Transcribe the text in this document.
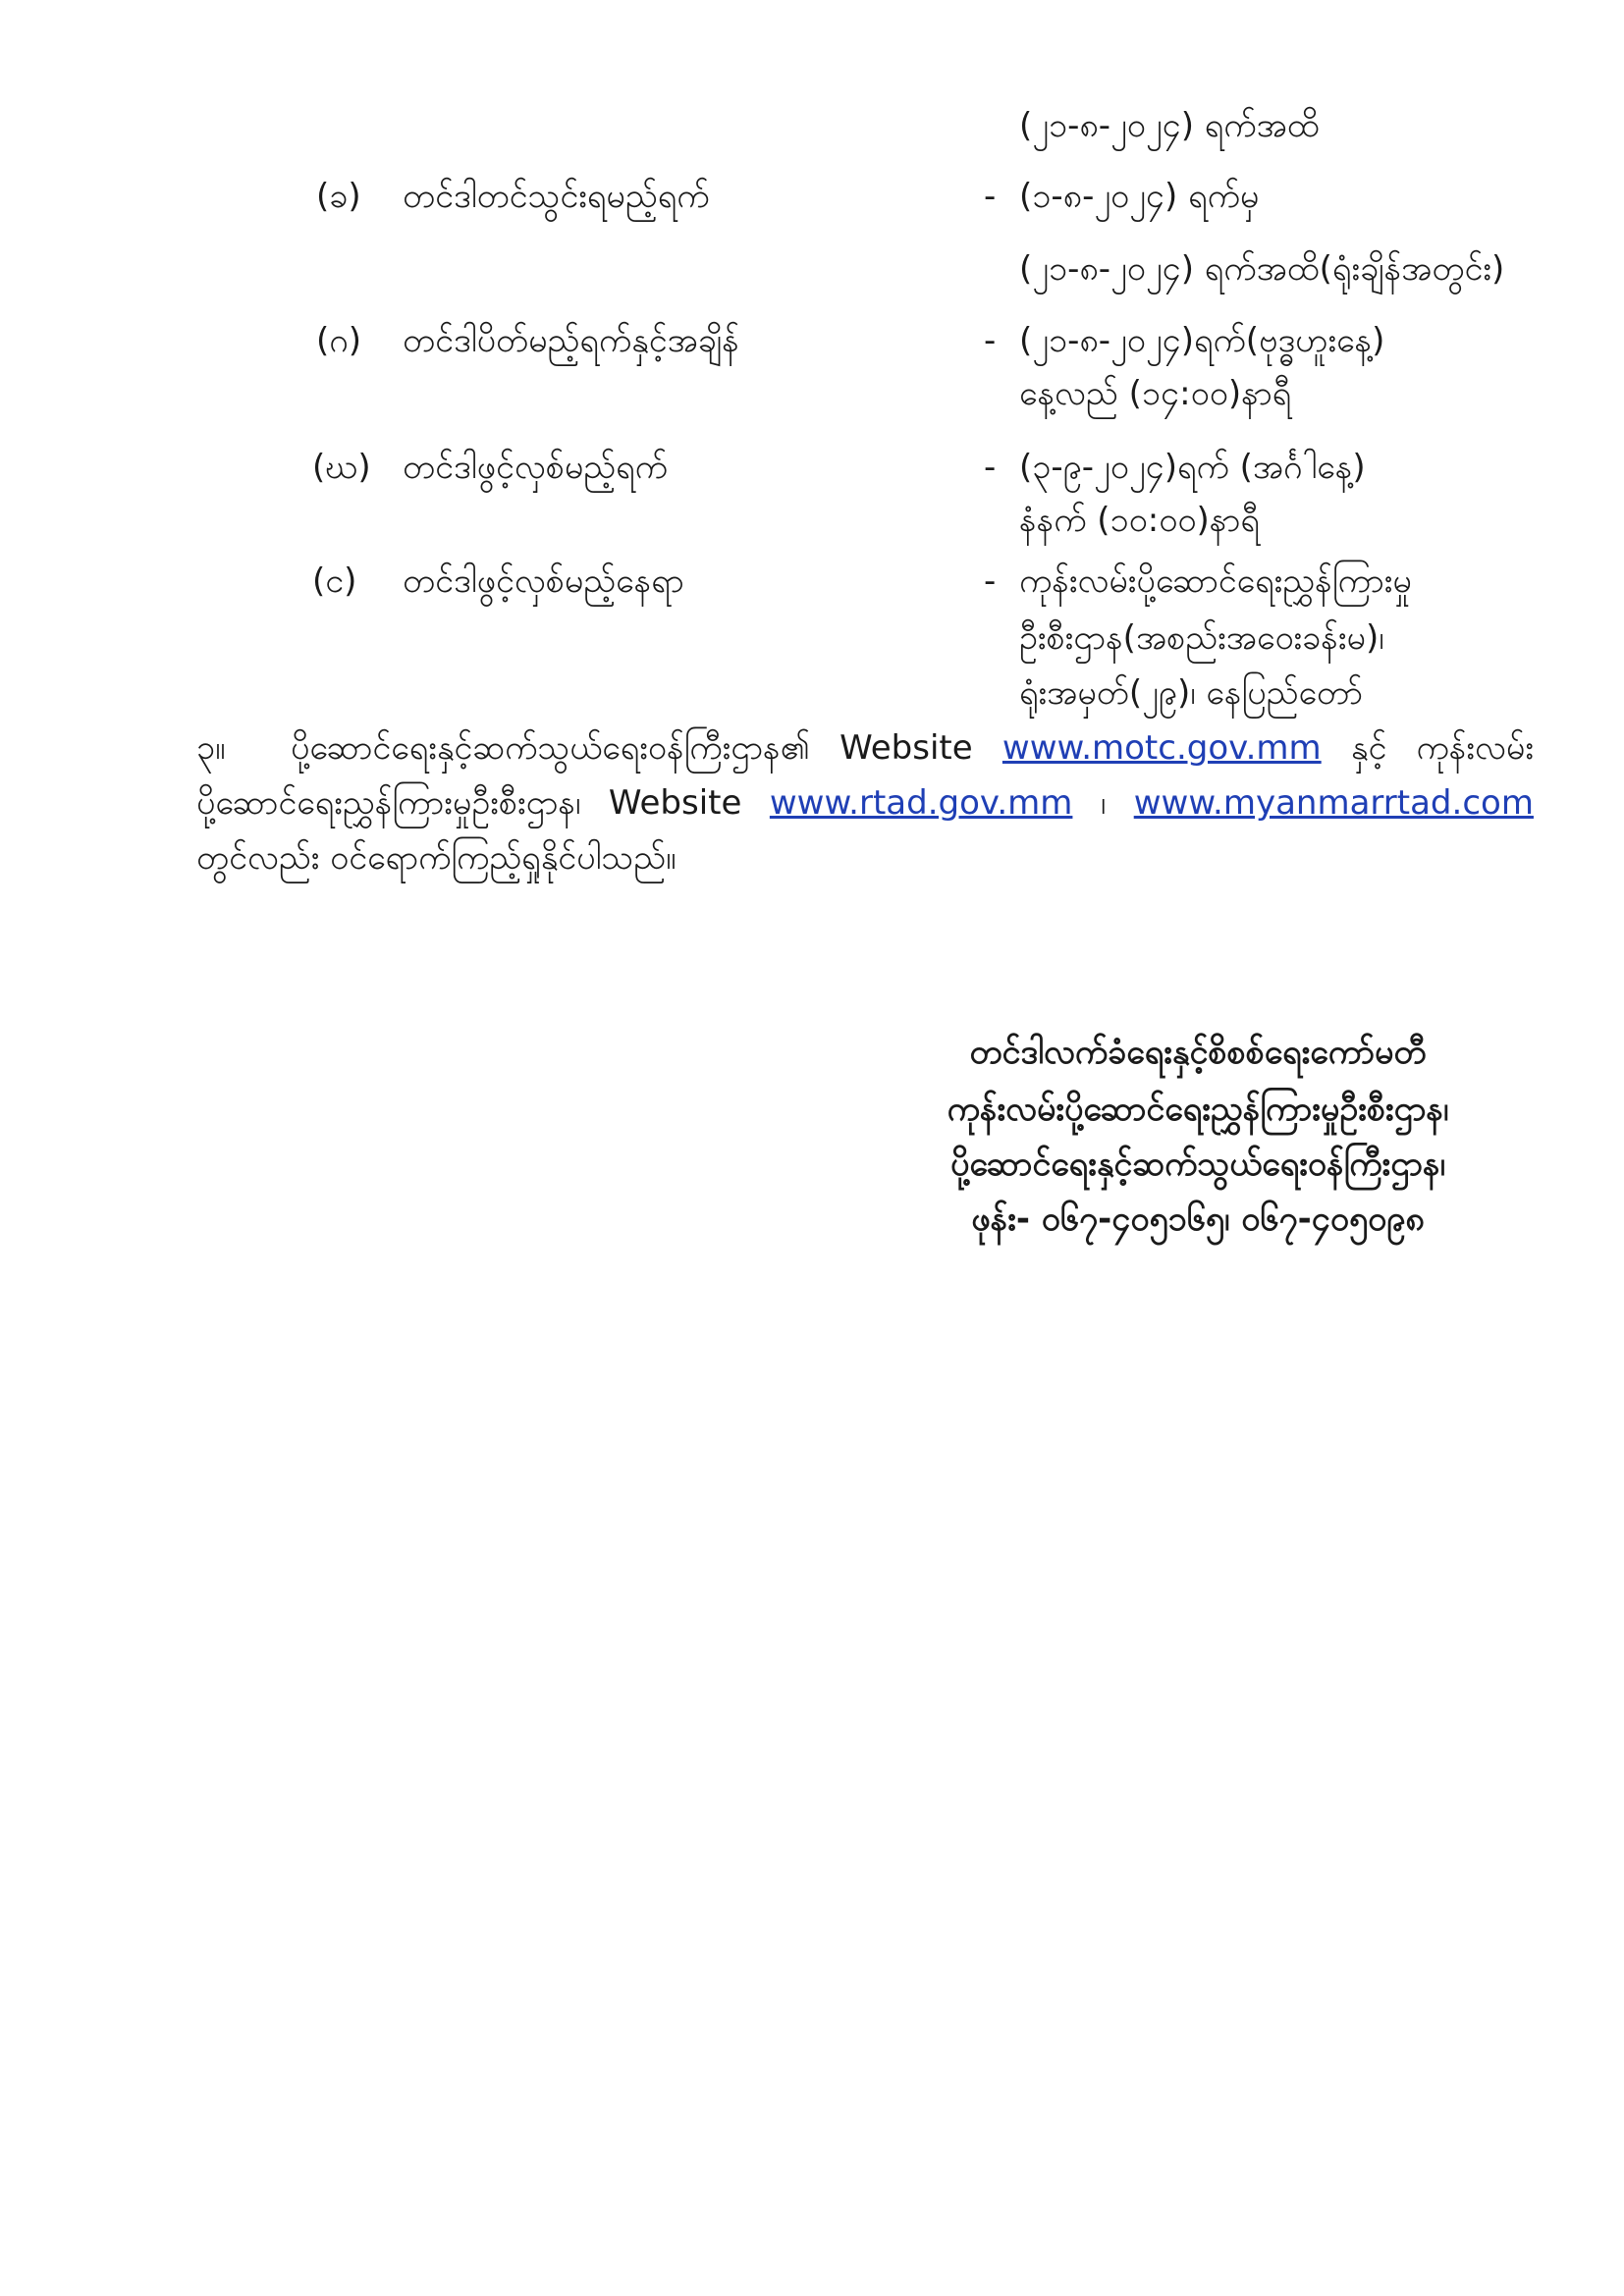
(၂၁-၈-၂၀၂၄) ရက်အထိ
(ခ) တင်ဒါတင်သွင်းရမည့်ရက်	- (၁-၈-၂၀၂၄) ရက်မှ
(၂၁-၈-၂၀၂၄) ရက်အထိ(ရုံးချိန်အတွင်း)
(ဂ) တင်ဒါပိတ်မည့်ရက်နှင့်အချိန်	- (၂၁-၈-၂၀၂၄)ရက်(ဗုဒ္ဓဟူးနေ့)
နေ့လည် (၁၄:၀၀)နာရီ
(ဃ) တင်ဒါဖွင့်လှစ်မည့်ရက်	- (၃-၉-၂၀၂၄)ရက် (အင်္ဂါနေ့)
နံနက် (၁၀:၀၀)နာရီ
(င) တင်ဒါဖွင့်လှစ်မည့်နေရာ	- ကုန်းလမ်းပို့ဆောင်ရေးညွှန်ကြားမှု
ဦးစီးဌာန(အစည်းအဝေးခန်းမ)၊
ရုံးအမှတ်(၂၉)၊ နေပြည်တော်
၃။ ပို့ဆောင်ရေးနှင့်ဆက်သွယ်ရေးဝန်ကြီးဌာန၏ Website www.motc.gov.mm နှင့် ကုန်းလမ်း
ပို့ဆောင်ရေးညွှန်ကြားမှုဦးစီးဌာန၊ Website www.rtad.gov.mm ၊ www.myanmarrtad.com
တွင်လည်း ဝင်ရောက်ကြည့်ရှုနိုင်ပါသည်။
တင်ဒါလက်ခံရေးနှင့်စိစစ်ရေးကော်မတီ
ကုန်းလမ်းပို့ဆောင်ရေးညွှန်ကြားမှုဦးစီးဌာန၊
ပို့ဆောင်ရေးနှင့်ဆက်သွယ်ရေးဝန်ကြီးဌာန၊
ဖုန်း- ၀၆၇-၄၀၅၁၆၅၊ ၀၆၇-၄၀၅၀၉၈
